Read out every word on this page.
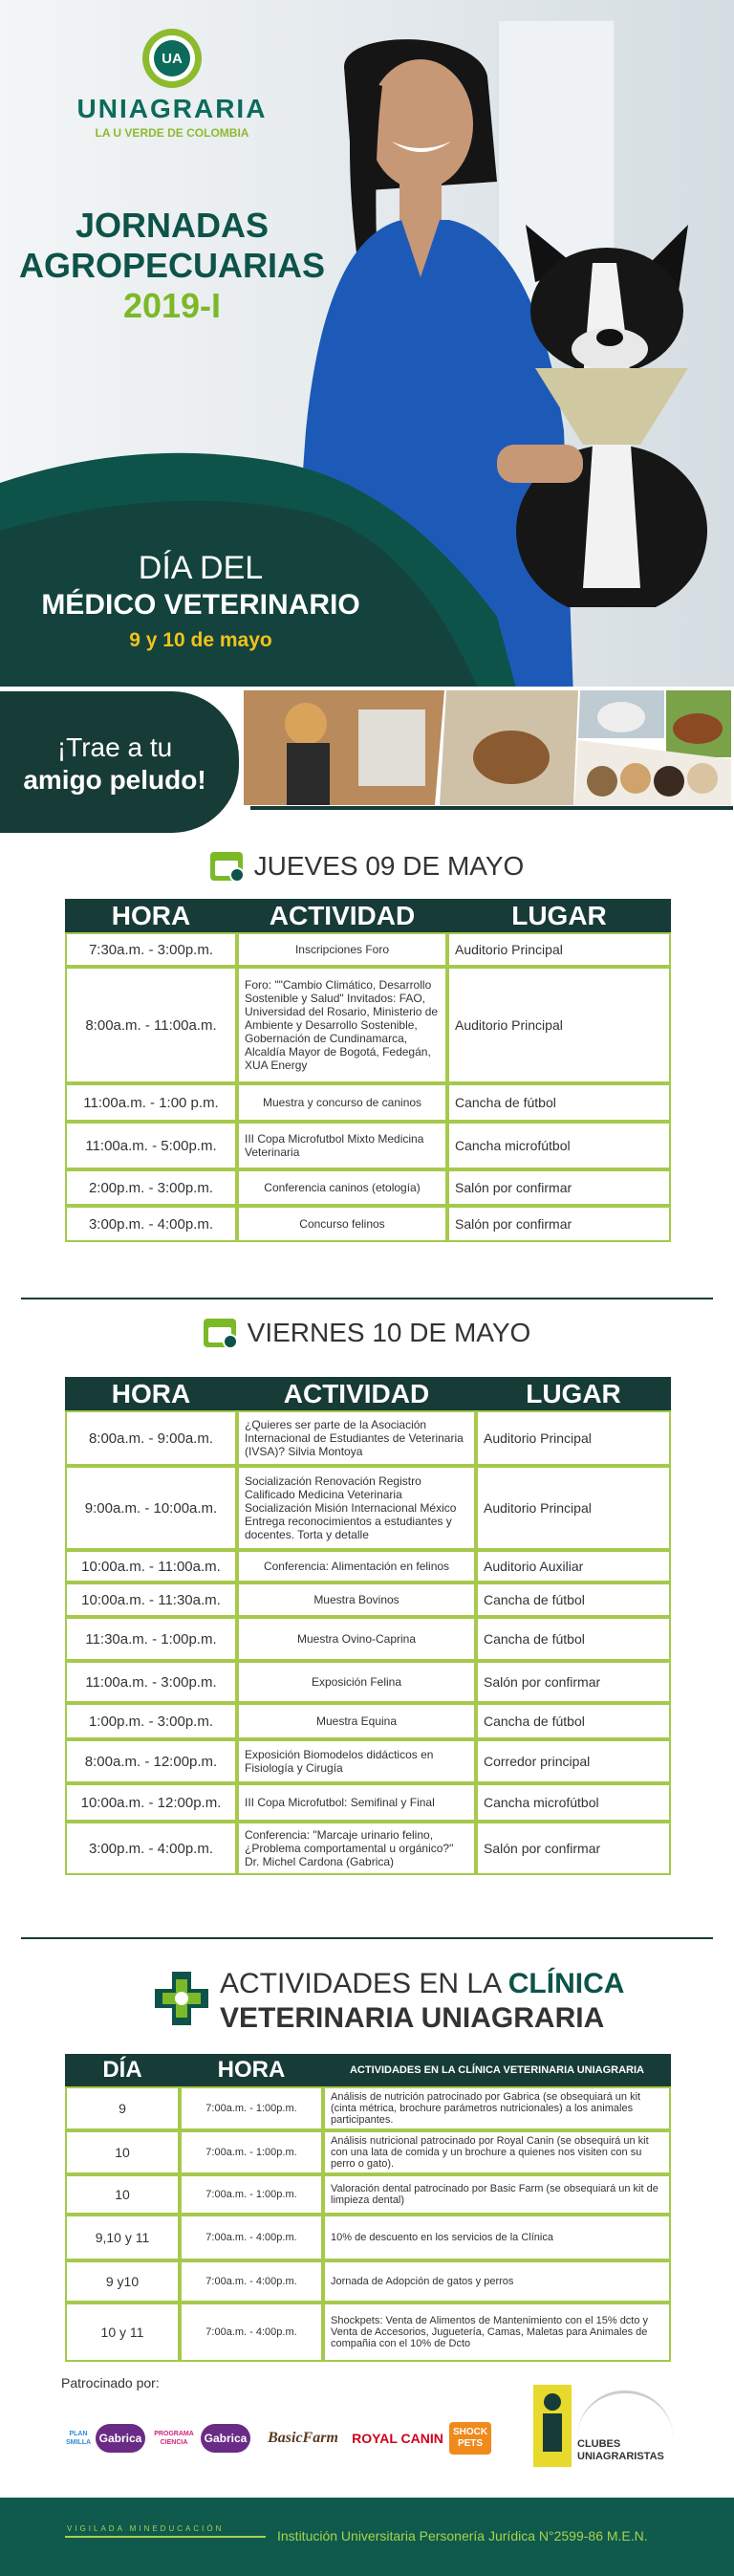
UA
UNIAGRARIA
LA U VERDE DE COLOMBIA
JORNADAS
AGROPECUARIAS
2019-I
DÍA DEL
MÉDICO VETERINARIO
9 y 10 de mayo
¡Trae a tu
amigo peludo!
JUEVES 09 DE MAYO
HORA	ACTIVIDAD	LUGAR
7:30a.m. - 3:00p.m.	Inscripciones Foro	Auditorio Principal
8:00a.m. - 11:00a.m.	Foro: ""Cambio Climático, Desarrollo Sostenible y Salud" Invitados: FAO, Universidad del Rosario, Ministerio de Ambiente y Desarrollo Sostenible, Gobernación de Cundinamarca, Alcaldía Mayor de Bogotá, Fedegán, XUA Energy	Auditorio Principal
11:00a.m. - 1:00 p.m.	Muestra y concurso de caninos	Cancha de fútbol
11:00a.m. - 5:00p.m.	III Copa Microfutbol Mixto Medicina Veterinaria	Cancha microfútbol
2:00p.m. - 3:00p.m.	Conferencia caninos (etología)	Salón por confirmar
3:00p.m. - 4:00p.m.	Concurso felinos	Salón por confirmar
VIERNES 10 DE MAYO
HORA	ACTIVIDAD	LUGAR
8:00a.m. - 9:00a.m.	¿Quieres ser parte de la Asociación Internacional de Estudiantes de Veterinaria (IVSA)? Silvia Montoya	Auditorio Principal
9:00a.m. - 10:00a.m.	Socialización Renovación Registro Calificado Medicina Veterinaria Socialización Misión Internacional México Entrega reconocimientos a estudiantes y docentes. Torta y detalle	Auditorio Principal
10:00a.m. - 11:00a.m.	Conferencia: Alimentación en felinos	Auditorio Auxiliar
10:00a.m. - 11:30a.m.	Muestra Bovinos	Cancha de fútbol
11:30a.m. - 1:00p.m.	Muestra Ovino-Caprina	Cancha de fútbol
11:00a.m. - 3:00p.m.	Exposición Felina	Salón por confirmar
1:00p.m. - 3:00p.m.	Muestra Equina	Cancha de fútbol
8:00a.m. - 12:00p.m.	Exposición Biomodelos didácticos en Fisiología y Cirugía	Corredor principal
10:00a.m. - 12:00p.m.	III Copa Microfutbol: Semifinal y Final	Cancha microfútbol
3:00p.m. - 4:00p.m.	Conferencia: "Marcaje urinario felino, ¿Problema comportamental u orgánico?" Dr. Michel Cardona (Gabrica)	Salón por confirmar
ACTIVIDADES EN LA CLÍNICA
VETERINARIA UNIAGRARIA
DÍA	HORA	ACTIVIDADES EN LA CLÍNICA VETERINARIA UNIAGRARIA
9	7:00a.m. - 1:00p.m.	Análisis de nutrición patrocinado por Gabrica (se obsequiará un kit (cinta métrica, brochure parámetros nutricionales) a los animales participantes.
10	7:00a.m. - 1:00p.m.	Análisis nutricional patrocinado por Royal Canin (se obsequirá un kit con una lata de comida y un brochure a quienes nos visiten con su perro o gato).
10	7:00a.m. - 1:00p.m.	Valoración dental patrocinado por Basic Farm (se obsequiará un kit de limpieza dental)
9,10 y 11	7:00a.m. - 4:00p.m.	10% de descuento en los servicios de la Clínica
9 y10	7:00a.m. - 4:00p.m.	Jornada de Adopción de gatos y perros
10 y 11	7:00a.m. - 4:00p.m.	Shockpets: Venta de Alimentos de Mantenimiento con el 15% dcto y Venta de Accesorios, Juguetería, Camas, Maletas para Animales de compañia con el 10% de Dcto
Patrocinado por:
PLAN SMILLA Gabrica	PROGRAMA CIENCIA	Gabrica	BasicFarm	ROYAL CANIN	SHOCK PETS	CLUBES UNIAGRARISTAS
VIGILADA MINEDUCACIÓN	Institución Universitaria Personería Jurídica N°2599-86 M.E.N.
